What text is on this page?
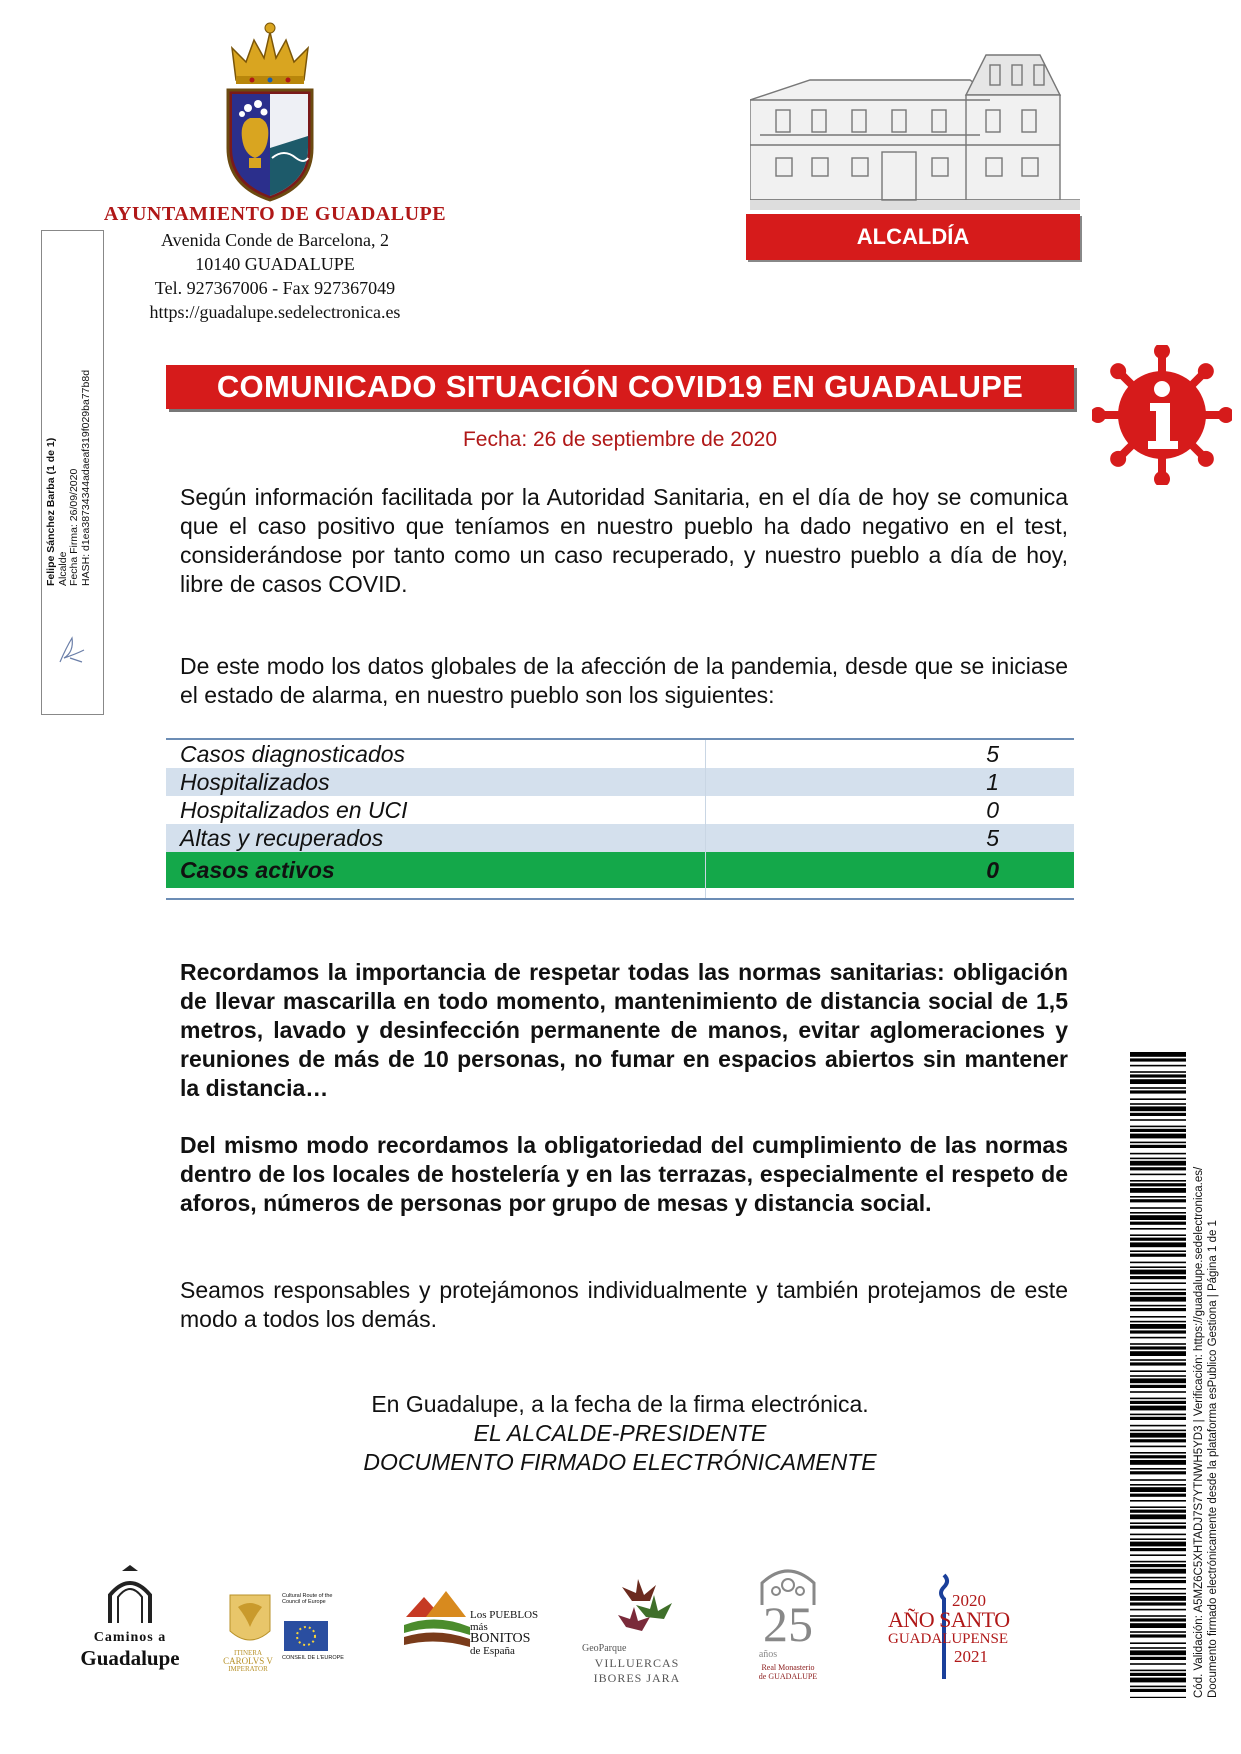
AYUNTAMIENTO DE GUADALUPE
Avenida Conde de Barcelona, 2
10140 GUADALUPE
Tel. 927367006 - Fax 927367049
https://guadalupe.sedelectronica.es
ALCALDÍA
Felipe Sánchez Barba (1 de 1) Alcalde Fecha Firma: 26/09/2020 HASH: d1ea38734344adaeaf319f029ba77b8d	COMUNICADO SITUACIÓN COVID19 EN GUADALUPE
Fecha: 26 de septiembre de 2020
Según información facilitada por la Autoridad Sanitaria, en el día de hoy se comunica que el caso positivo que teníamos en nuestro pueblo ha dado negativo en el test, considerándose por tanto como un caso recuperado, y nuestro pueblo a día de hoy, libre de casos COVID.
De este modo los datos globales de la afección de la pandemia, desde que se iniciase el estado de alarma, en nuestro pueblo son los siguientes:
Casos diagnosticados	5
Hospitalizados	1
Hospitalizados en UCI	0
Altas y recuperados	5
Casos activos	0
Recordamos la importancia de respetar todas las normas sanitarias: obligación de llevar mascarilla en todo momento, mantenimiento de distancia social de 1,5 metros, lavado y desinfección permanente de manos, evitar aglomeraciones y reuniones de más de 10 personas, no fumar en espacios abiertos sin mantener la distancia…
Del mismo modo recordamos la obligatoriedad del cumplimiento de las normas dentro de los locales de hostelería y en las terrazas, especialmente el respeto de aforos, números de personas por grupo de mesas y distancia social.
Seamos responsables y protejámonos individualmente y también protejamos de este modo a todos los demás.
En Guadalupe, a la fecha de la firma electrónica.
EL ALCALDE-PRESIDENTE
DOCUMENTO FIRMADO ELECTRÓNICAMENTE	Cód. Validación: A5MZ6C5XHTADJ7S7YTNWH5YD3 | Verificación: https://guadalupe.sedelectronica.es/ Documento firmado electrónicamente desde la plataforma esPublico Gestiona | Página 1 de 1
Caminos a
Guadalupe
Cultural Route of the Council of Europe
ITINERA
CAROLVS V
IMPERATOR
CONSEIL DE L'EUROPE
Los PUEBLOS más
BONITOS
de España	GeoParque
VILLUERCAS
IBORES JARA
25
años
Real Monasterio
de GUADALUPE
2020
AÑO SANTO
GUADALUPENSE
2021
